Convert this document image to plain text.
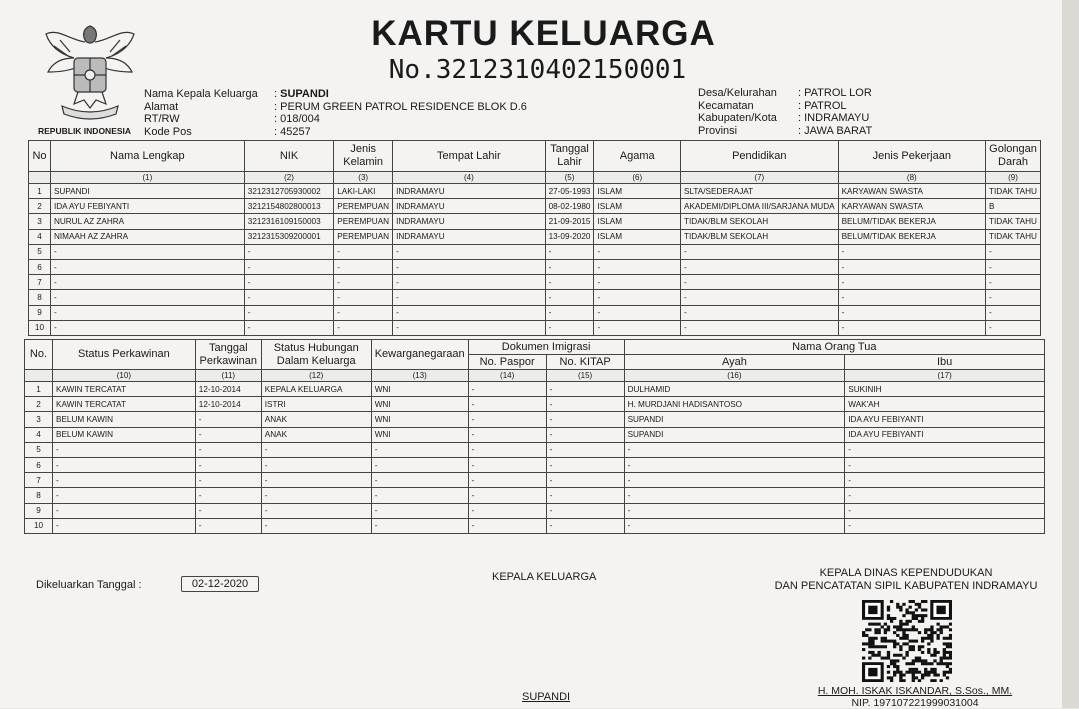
REPUBLIK INDONESIA
KARTU KELUARGA
No.3212310402150001
Nama Kepala Keluarga : SUPANDI
Alamat	: PERUM GREEN PATROL RESIDENCE BLOK D.6
RT/RW	: 018/004
Kode Pos	: 45257
Desa/Kelurahan : PATROL LOR
Kecamatan	: PATROL
Kabupaten/Kota : INDRAMAYU
Provinsi	: JAWA BARAT
No	Nama Lengkap	NIK	Jenis Kelamin	Tempat Lahir	Tanggal Lahir	Agama	Pendidikan	Jenis Pekerjaan	Golongan Darah
	(1)	(2)	(3)	(4)	(5)	(6)	(7)	(8)	(9)
1	SUPANDI	3212312705930002	LAKI-LAKI	INDRAMAYU	27-05-1993	ISLAM	SLTA/SEDERAJAT	KARYAWAN SWASTA	TIDAK TAHU
2	IDA AYU FEBIYANTI	3212154802800013	PEREMPUAN	INDRAMAYU	08-02-1980	ISLAM	AKADEMI/DIPLOMA III/SARJANA MUDA	KARYAWAN SWASTA	B
3	NURUL AZ ZAHRA	3212316109150003	PEREMPUAN	INDRAMAYU	21-09-2015	ISLAM	TIDAK/BLM SEKOLAH	BELUM/TIDAK BEKERJA	TIDAK TAHU
4	NIMAAH AZ ZAHRA	3212315309200001	PEREMPUAN	INDRAMAYU	13-09-2020	ISLAM	TIDAK/BLM SEKOLAH	BELUM/TIDAK BEKERJA	TIDAK TAHU
5	-	-	-	-	-	-	-	-	-
6	-	-	-	-	-	-	-	-	-
7	-	-	-	-	-	-	-	-	-
8	-	-	-	-	-	-	-	-	-
9	-	-	-	-	-	-	-	-	-
10	-	-	-	-	-	-	-	-	-
No.	Status Perkawinan	Tanggal Perkawinan	Status Hubungan Dalam Keluarga	Kewarganegaraan	Dokumen Imigrasi		Nama Orang Tua	
					No. Paspor	No. KITAP	Ayah	Ibu
	(10)	(11)	(12)	(13)	(14)	(15)	(16)	(17)
1	KAWIN TERCATAT	12-10-2014	KEPALA KELUARGA	WNI	-	-	DULHAMID	SUKINIH
2	KAWIN TERCATAT	12-10-2014	ISTRI	WNI	-	-	H. MURDJANI HADISANTOSO	WAK'AH
3	BELUM KAWIN	-	ANAK	WNI	-	-	SUPANDI	IDA AYU FEBIYANTI
4	BELUM KAWIN	-	ANAK	WNI	-	-	SUPANDI	IDA AYU FEBIYANTI
5	-	-	-	-	-	-	-	-
6	-	-	-	-	-	-	-	-
7	-	-	-	-	-	-	-	-
8	-	-	-	-	-	-	-	-
9	-	-	-	-	-	-	-	-
10	-	-	-	-	-	-	-	-
Dikeluarkan Tanggal :	02-12-2020
KEPALA KELUARGA
SUPANDI
KEPALA DINAS KEPENDUDUKAN
DAN PENCATATAN SIPIL KABUPATEN INDRAMAYU
H. MOH. ISKAK ISKANDAR, S.Sos., MM.
NIP. 197107221999031004
